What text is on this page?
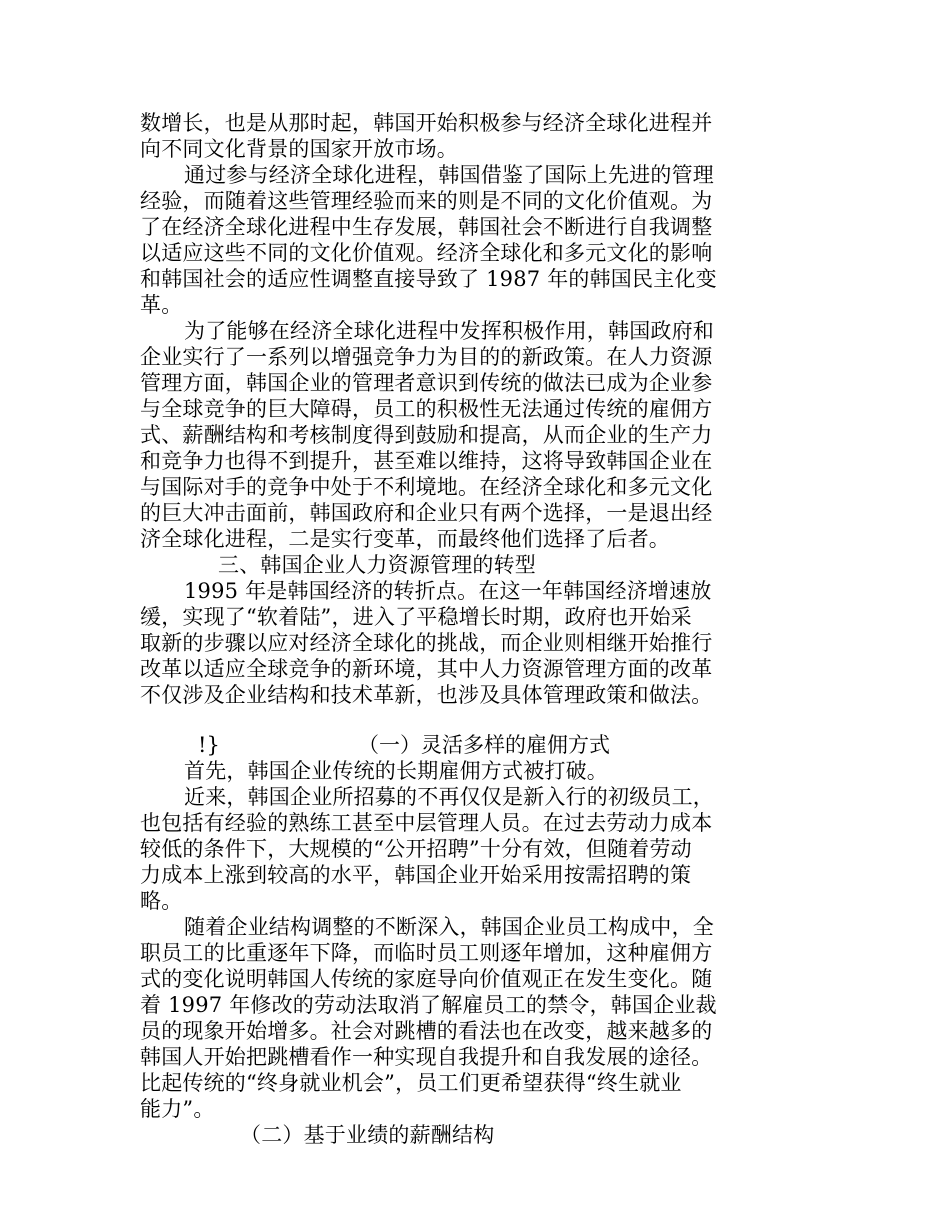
数增长，也是从那时起，韩国开始积极参与经济全球化进程并
向不同文化背景的国家开放市场。
通过参与经济全球化进程，韩国借鉴了国际上先进的管理
经验，而随着这些管理经验而来的则是不同的文化价值观。为
了在经济全球化进程中生存发展，韩国社会不断进行自我调整
以适应这些不同的文化价值观。经济全球化和多元文化的影响
和韩国社会的适应性调整直接导致了 1987 年的韩国民主化变
革。
为了能够在经济全球化进程中发挥积极作用，韩国政府和
企业实行了一系列以增强竞争力为目的的新政策。在人力资源
管理方面，韩国企业的管理者意识到传统的做法已成为企业参
与全球竞争的巨大障碍，员工的积极性无法通过传统的雇佣方
式、薪酬结构和考核制度得到鼓励和提高，从而企业的生产力
和竞争力也得不到提升，甚至难以维持，这将导致韩国企业在
与国际对手的竞争中处于不利境地。在经济全球化和多元文化
的巨大冲击面前，韩国政府和企业只有两个选择，一是退出经
济全球化进程，二是实行变革，而最终他们选择了后者。
三、韩国企业人力资源管理的转型
1995 年是韩国经济的转折点。在这一年韩国经济增速放
缓，实现了“软着陆”，进入了平稳增长时期，政府也开始采
取新的步骤以应对经济全球化的挑战，而企业则相继开始推行
改革以适应全球竞争的新环境，其中人力资源管理方面的改革
不仅涉及企业结构和技术革新，也涉及具体管理政策和做法。
!}	（一）灵活多样的雇佣方式
首先，韩国企业传统的长期雇佣方式被打破。
近来，韩国企业所招募的不再仅仅是新入行的初级员工，
也包括有经验的熟练工甚至中层管理人员。在过去劳动力成本
较低的条件下，大规模的“公开招聘”十分有效，但随着劳动
力成本上涨到较高的水平，韩国企业开始采用按需招聘的策
略。
随着企业结构调整的不断深入，韩国企业员工构成中，全
职员工的比重逐年下降，而临时员工则逐年增加，这种雇佣方
式的变化说明韩国人传统的家庭导向价值观正在发生变化。随
着 1997 年修改的劳动法取消了解雇员工的禁令，韩国企业裁
员的现象开始增多。社会对跳槽的看法也在改变，越来越多的
韩国人开始把跳槽看作一种实现自我提升和自我发展的途径。
比起传统的“终身就业机会”，员工们更希望获得“终生就业
能力”。
（二）基于业绩的薪酬结构
